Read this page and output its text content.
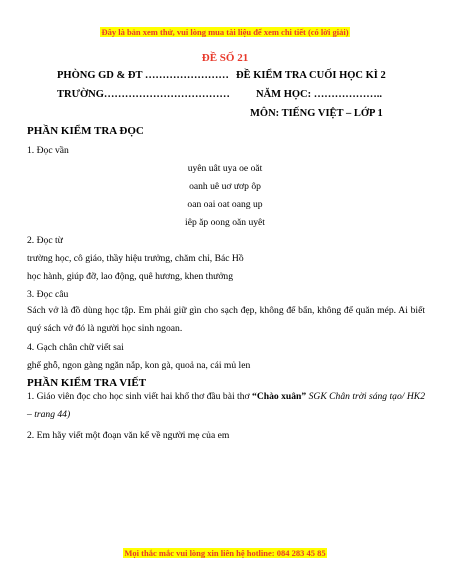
Đây là bản xem thử, vui lòng mua tài liệu để xem chi tiết (có lời giải)
ĐỀ SỐ 21
PHÒNG GD & ĐT …………………… ĐỀ KIỂM TRA CUỐI HỌC KÌ 2
TRƯỜNG……………………………… NĂM HỌC: ………………..
MÔN: TIẾNG VIỆT – LỚP 1
PHẦN KIỂM TRA ĐỌC
1. Đọc vần
uyên uât uya oe oăt
oanh uê uơ ươp ôp
oan oai oat oang up
iêp ăp oong oăn uyêt
2. Đọc từ
trường học, cô giáo, thầy hiệu trưởng, chăm chỉ, Bác Hồ
học hành, giúp đỡ, lao động, quê hương, khen thưởng
3. Đọc câu
Sách vở là đồ dùng học tập. Em phải giữ gìn cho sạch đẹp, không để bẩn, không để quăn mép. Ai biết quý sách vở đó là người học sinh ngoan.
4. Gạch chân chữ viết sai
ghế ghỗ, ngon gàng ngăn nắp, kon gà, quoả na, cái mủ len
PHẦN KIỂM TRA VIẾT
1. Giáo viên đọc cho học sinh viết hai khổ thơ đầu bài thơ “Chào xuân” SGK Chân trời sáng tạo/ HK2 – trang 44)
2. Em hãy viết một đoạn văn kể về người mẹ của em
Mọi thắc mắc vui lòng xin liên hệ hotline: 084 283 45 85
